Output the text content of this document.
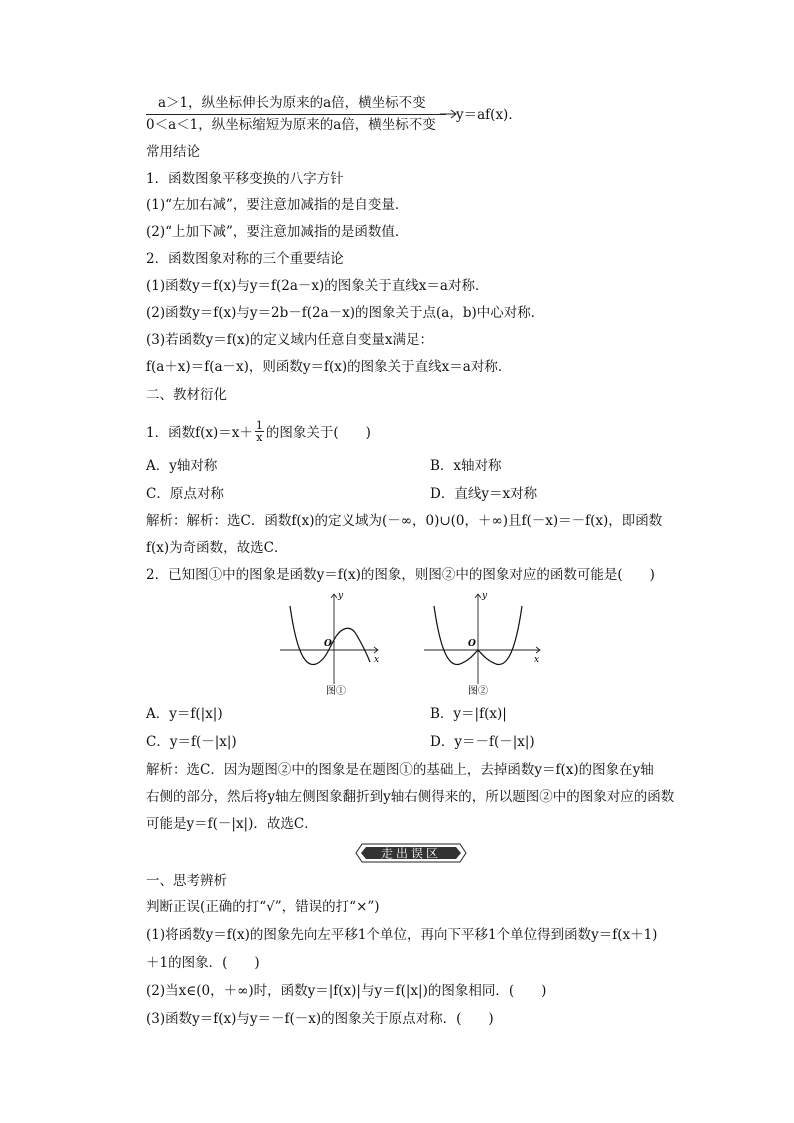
a＞1，纵坐标伸长为原来的a倍，横坐标不变
0＜a＜1，纵坐标缩短为原来的a倍，横坐标不变
y＝af(x)．
常用结论
1．函数图象平移变换的八字方针
(1)“左加右减”，要注意加减指的是自变量．
(2)“上加下减”，要注意加减指的是函数值．
2．函数图象对称的三个重要结论
(1)函数y＝f(x)与y＝f(2a－x)的图象关于直线x＝a对称．
(2)函数y＝f(x)与y＝2b－f(2a－x)的图象关于点(a，b)中心对称．
(3)若函数y＝f(x)的定义域内任意自变量x满足：
f(a＋x)＝f(a－x)，则函数y＝f(x)的图象关于直线x＝a对称．
二、教材衍化
1．函数$f(x)=x+ \frac{1}{x}$ 的图象关于(　　)
A．y轴对称	B．x轴对称
C．原点对称	D．直线y＝x对称
解析：解析：选C．函数f(x)的定义域为(－∞，0)∪(0，＋∞)且f(－x)＝－f(x)，即函数
f(x)为奇函数，故选C．
2．已知图①中的图象是函数y＝f(x)的图象，则图②中的图象对应的函数可能是(　　)
y
x
O
图①
y
x
O
图②
A．y＝f(|x|)	B．y＝|f(x)|
C．y＝f(－|x|)	D．y＝－f(－|x|)
解析：选C．因为题图②中的图象是在题图①的基础上，去掉函数y＝f(x)的图象在y轴
右侧的部分，然后将y轴左侧图象翻折到y轴右侧得来的，所以题图②中的图象对应的函数
可能是y＝f(－|x|)．故选C．
走出误区
一、思考辨析
判断正误(正确的打“√”，错误的打“×”)
(1)将函数y＝f(x)的图象先向左平移1个单位，再向下平移1个单位得到函数y＝f(x＋1)
＋1的图象．(　　)
(2)当x∈(0，＋∞)时，函数y＝|f(x)|与y＝f(|x|)的图象相同．(　　)
(3)函数y＝f(x)与y＝－f(－x)的图象关于原点对称．(　　)
